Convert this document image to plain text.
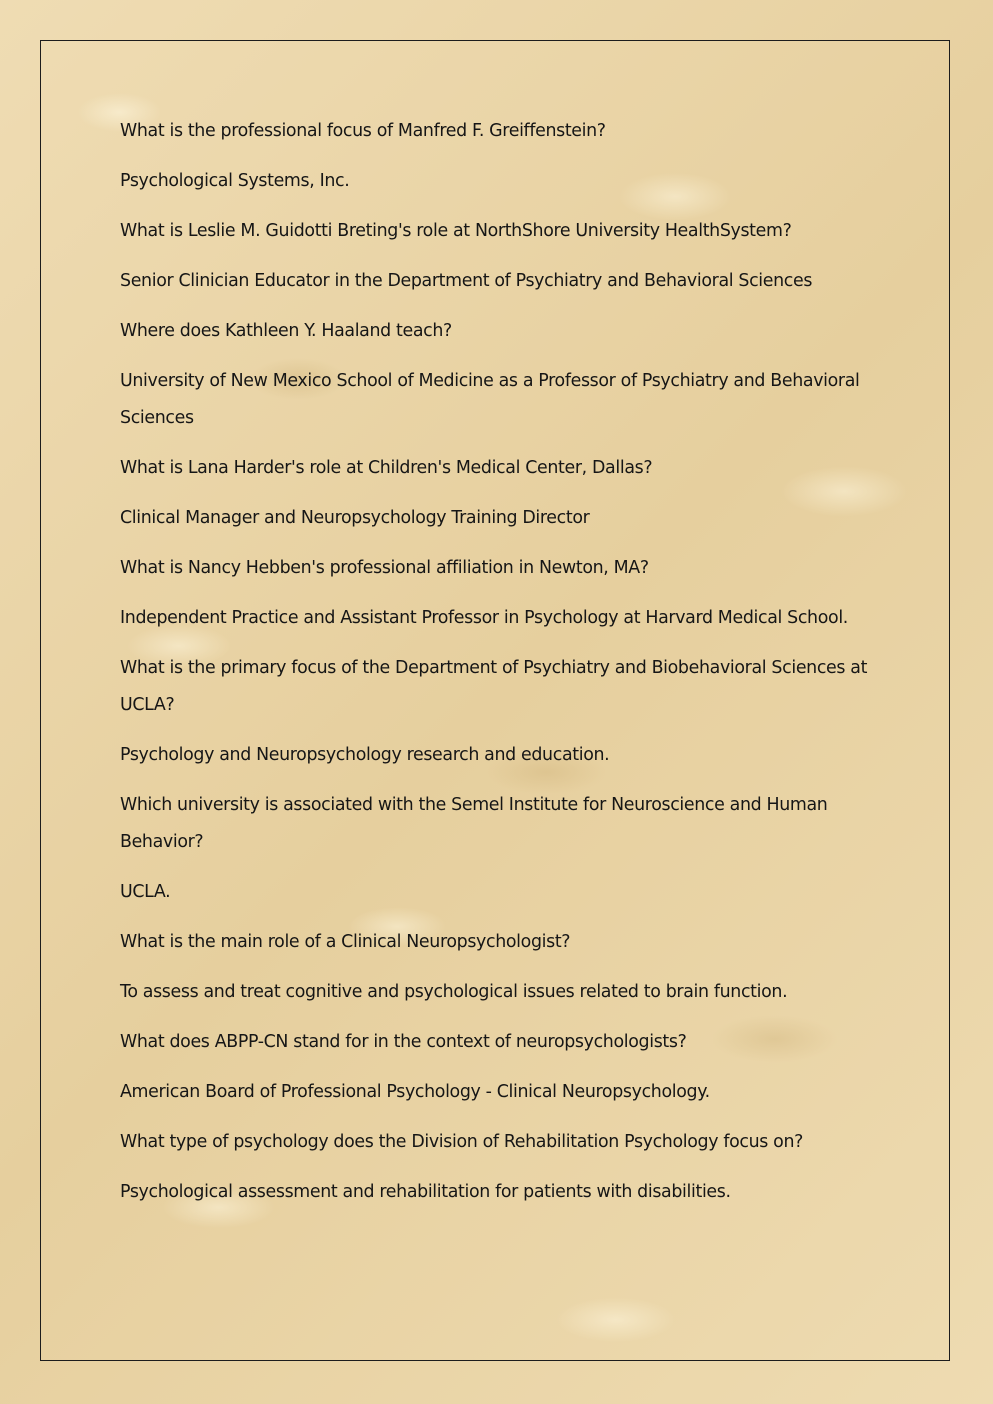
What is the professional focus of Manfred F. Greiffenstein?

Psychological Systems, Inc.

What is Leslie M. Guidotti Breting's role at NorthShore University HealthSystem?

Senior Clinician Educator in the Department of Psychiatry and Behavioral Sciences

Where does Kathleen Y. Haaland teach?

University of New Mexico School of Medicine as a Professor of Psychiatry and Behavioral Sciences

What is Lana Harder's role at Children's Medical Center, Dallas?

Clinical Manager and Neuropsychology Training Director

What is Nancy Hebben's professional affiliation in Newton, MA?

Independent Practice and Assistant Professor in Psychology at Harvard Medical School.

What is the primary focus of the Department of Psychiatry and Biobehavioral Sciences at UCLA?

Psychology and Neuropsychology research and education.

Which university is associated with the Semel Institute for Neuroscience and Human Behavior?

UCLA.

What is the main role of a Clinical Neuropsychologist?

To assess and treat cognitive and psychological issues related to brain function.

What does ABPP-CN stand for in the context of neuropsychologists?

American Board of Professional Psychology - Clinical Neuropsychology.

What type of psychology does the Division of Rehabilitation Psychology focus on?

Psychological assessment and rehabilitation for patients with disabilities.
